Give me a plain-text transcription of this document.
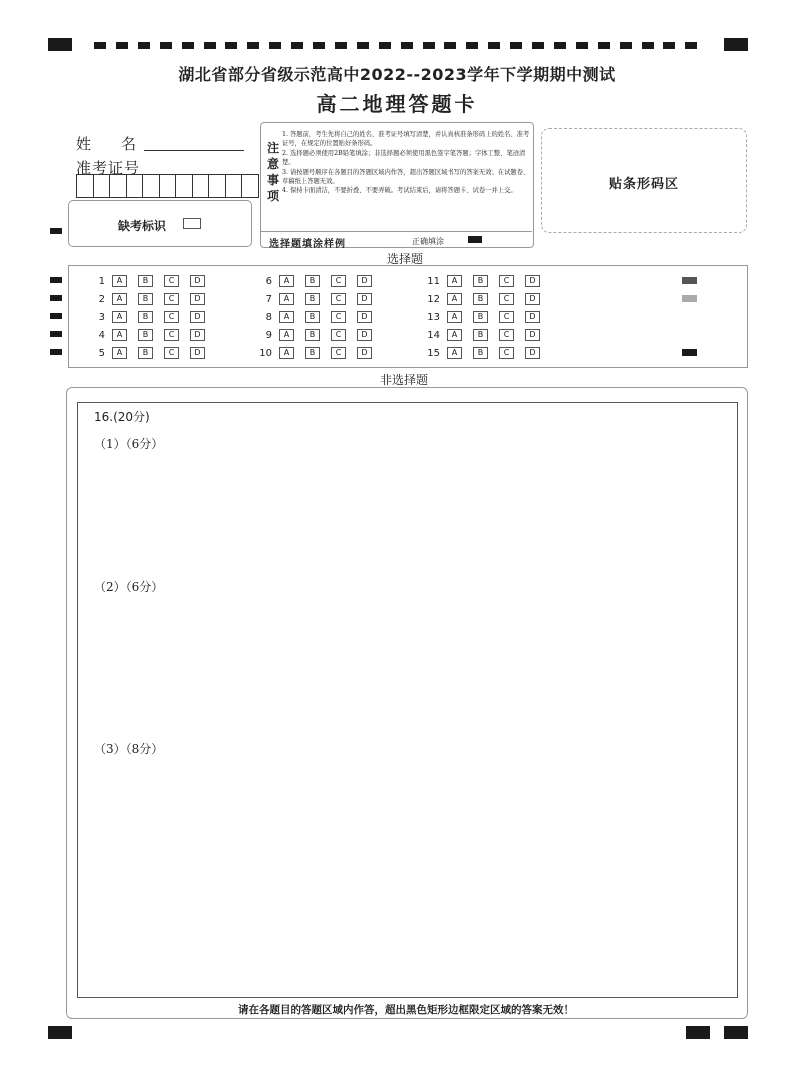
湖北省部分省级示范高中2022--2023学年下学期期中测试
高二地理答题卡
姓名
准考证号
缺考标识
注意事项
1. 答题前，考生先将自己的姓名、准考证号填写清楚，并认真核准条形码上的姓名、准考证号，在规定的位置贴好条形码。
2. 选择题必须使用2B铅笔填涂；非选择题必须使用黑色签字笔答题；字体工整、笔迹清楚。
3. 请按题号顺序在各题目的答题区域内作答，超出答题区域书写的答案无效；在试题卷、草稿纸上答题无效。
4. 保持卡面清洁，不要折叠、不要弄破。考试结束后，请将答题卡、试卷一并上交。
选择题填涂样例	正确填涂
贴条形码区
选择题
1	A	B	C	D
2	A	B	C	D
3	A	B	C	D
4	A	B	C	D
5	A	B	C	D
6	A	B	C	D
7	A	B	C	D
8	A	B	C	D
9	A	B	C	D
10	A	B	C	D
11	A	B	C	D
12	A	B	C	D
13	A	B	C	D
14	A	B	C	D
15	A	B	C	D
非选择题
16.(20分)
（1）（6分）
（2）（6分）
（3）（8分）
请在各题目的答题区域内作答，超出黑色矩形边框限定区域的答案无效！
